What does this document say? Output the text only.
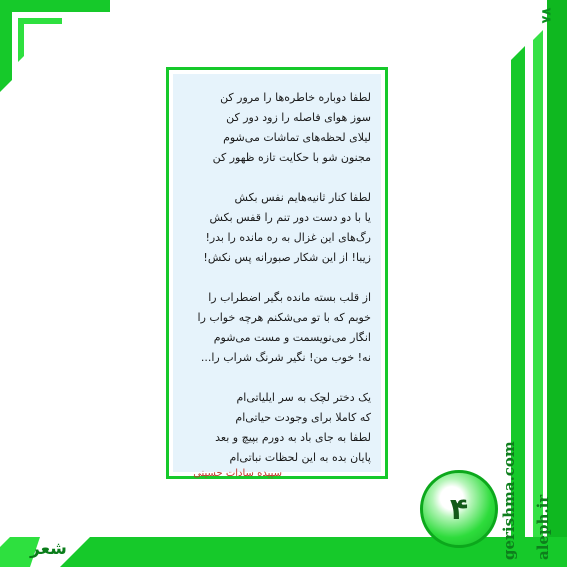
۷۸
gerishma.com aleph.ir
۴
شعر
لطفا دوباره خاطره‌ها را مرور کن
سوز هوای فاصله را زود دور کن
لیلای لحظه‌های تماشات می‌شوم
مجنون شو با حکایت تازه ظهور کن
لطفا کنار ثانیه‌هایم نفس بکش
یا با دو دست دور تنم را قفس بکش
رگ‌های این غزال به ره مانده را بدر!
زیبا! از این شکار صبورانه پس نکش!
از قلب بسته مانده بگیر اضطراب را
خوبم که با تو می‌شکنم هرچه خواب را
انگار می‌نویسمت و مست می‌شوم
نه! خوب من! نگیر شرنگ شراب را...
یک دختر لچک به سر ایلیاتی‌ام
که کاملا برای وجودت حیاتی‌ام
لطفا به جای باد به دورم بپیچ و بعد
پایان بده به این لحظات نباتی‌ام
سپیده سادات حسینی
